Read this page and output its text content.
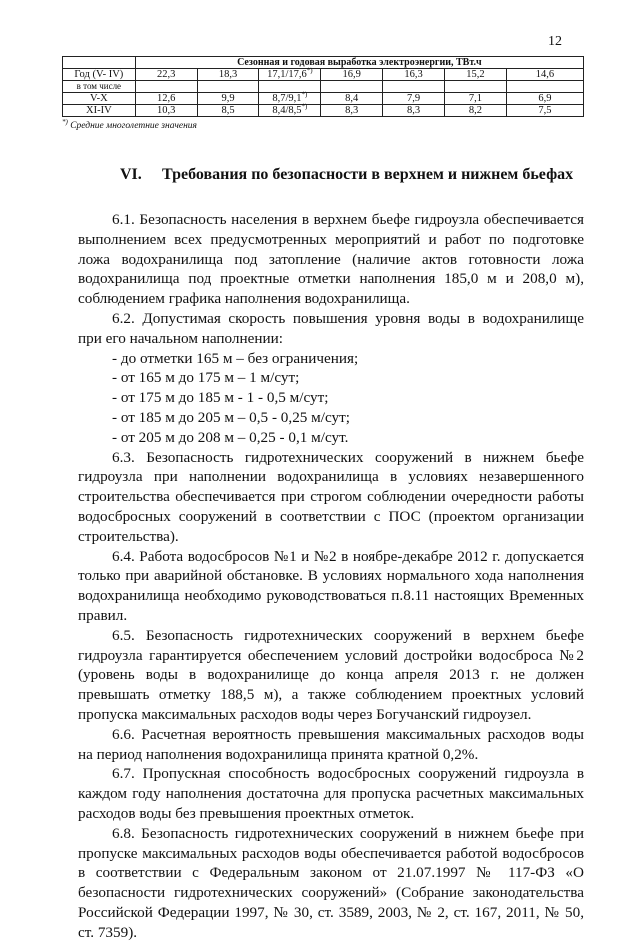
12
	Сезонная и годовая выработка электроэнергии, ТВт.ч						
Год (V- IV)	22,3	18,3	17,1/17,6*)	16,9	16,3	15,2	14,6
в том числе							
V-X	12,6	9,9	8,7/9,1*)	8,4	7,9	7,1	6,9
XI-IV	10,3	8,5	8,4/8,5*)	8,3	8,3	8,2	7,5
*) Средние многолетние значения
VI. Требования по безопасности в верхнем и нижнем бьефах

6.1. Безопасность населения в верхнем бьефе гидроузла обеспечивается выполнением всех предусмотренных мероприятий и работ по подготовке ложа водохранилища под затопление (наличие актов готовности ложа водохранилища под проектные отметки наполнения 185,0 м и 208,0 м), соблюдением графика наполнения водохранилища.

6.2. Допустимая скорость повышения уровня воды в водохранилище при его начальном наполнении:

- до отметки 165 м – без ограничения;
- от 165 м до 175 м – 1 м/сут;
- от 175 м до 185 м - 1 - 0,5 м/сут;
- от 185 м до 205 м – 0,5 - 0,25 м/сут;
- от 205 м до 208 м – 0,25 - 0,1 м/сут.

6.3. Безопасность гидротехнических сооружений в нижнем бьефе гидроузла при наполнении водохранилища в условиях незавершенного строительства обеспечивается при строгом соблюдении очередности работы водосбросных сооружений в соответствии с ПОС (проектом организации строительства).

6.4. Работа водосбросов №1 и №2 в ноябре-декабре 2012 г. допускается только при аварийной обстановке. В условиях нормального хода наполнения водохранилища необходимо руководствоваться п.8.11 настоящих Временных правил.

6.5. Безопасность гидротехнических сооружений в верхнем бьефе гидроузла гарантируется обеспечением условий достройки водосброса №2 (уровень воды в водохранилище до конца апреля 2013 г. не должен превышать отметку 188,5 м), а также соблюдением проектных условий пропуска максимальных расходов воды через Богучанский гидроузел.

6.6. Расчетная вероятность превышения максимальных расходов воды на период наполнения водохранилища принята кратной 0,2%.

6.7. Пропускная способность водосбросных сооружений гидроузла в каждом году наполнения достаточна для пропуска расчетных максимальных расходов воды без превышения проектных отметок.

6.8. Безопасность гидротехнических сооружений в нижнем бьефе при пропуске максимальных расходов воды обеспечивается работой водосбросов в соответствии с Федеральным законом от 21.07.1997 № 117-ФЗ «О безопасности гидротехнических сооружений» (Собрание законодательства Российской Федерации 1997, № 30, ст. 3589, 2003, № 2, ст. 167, 2011, № 50, ст. 7359).
